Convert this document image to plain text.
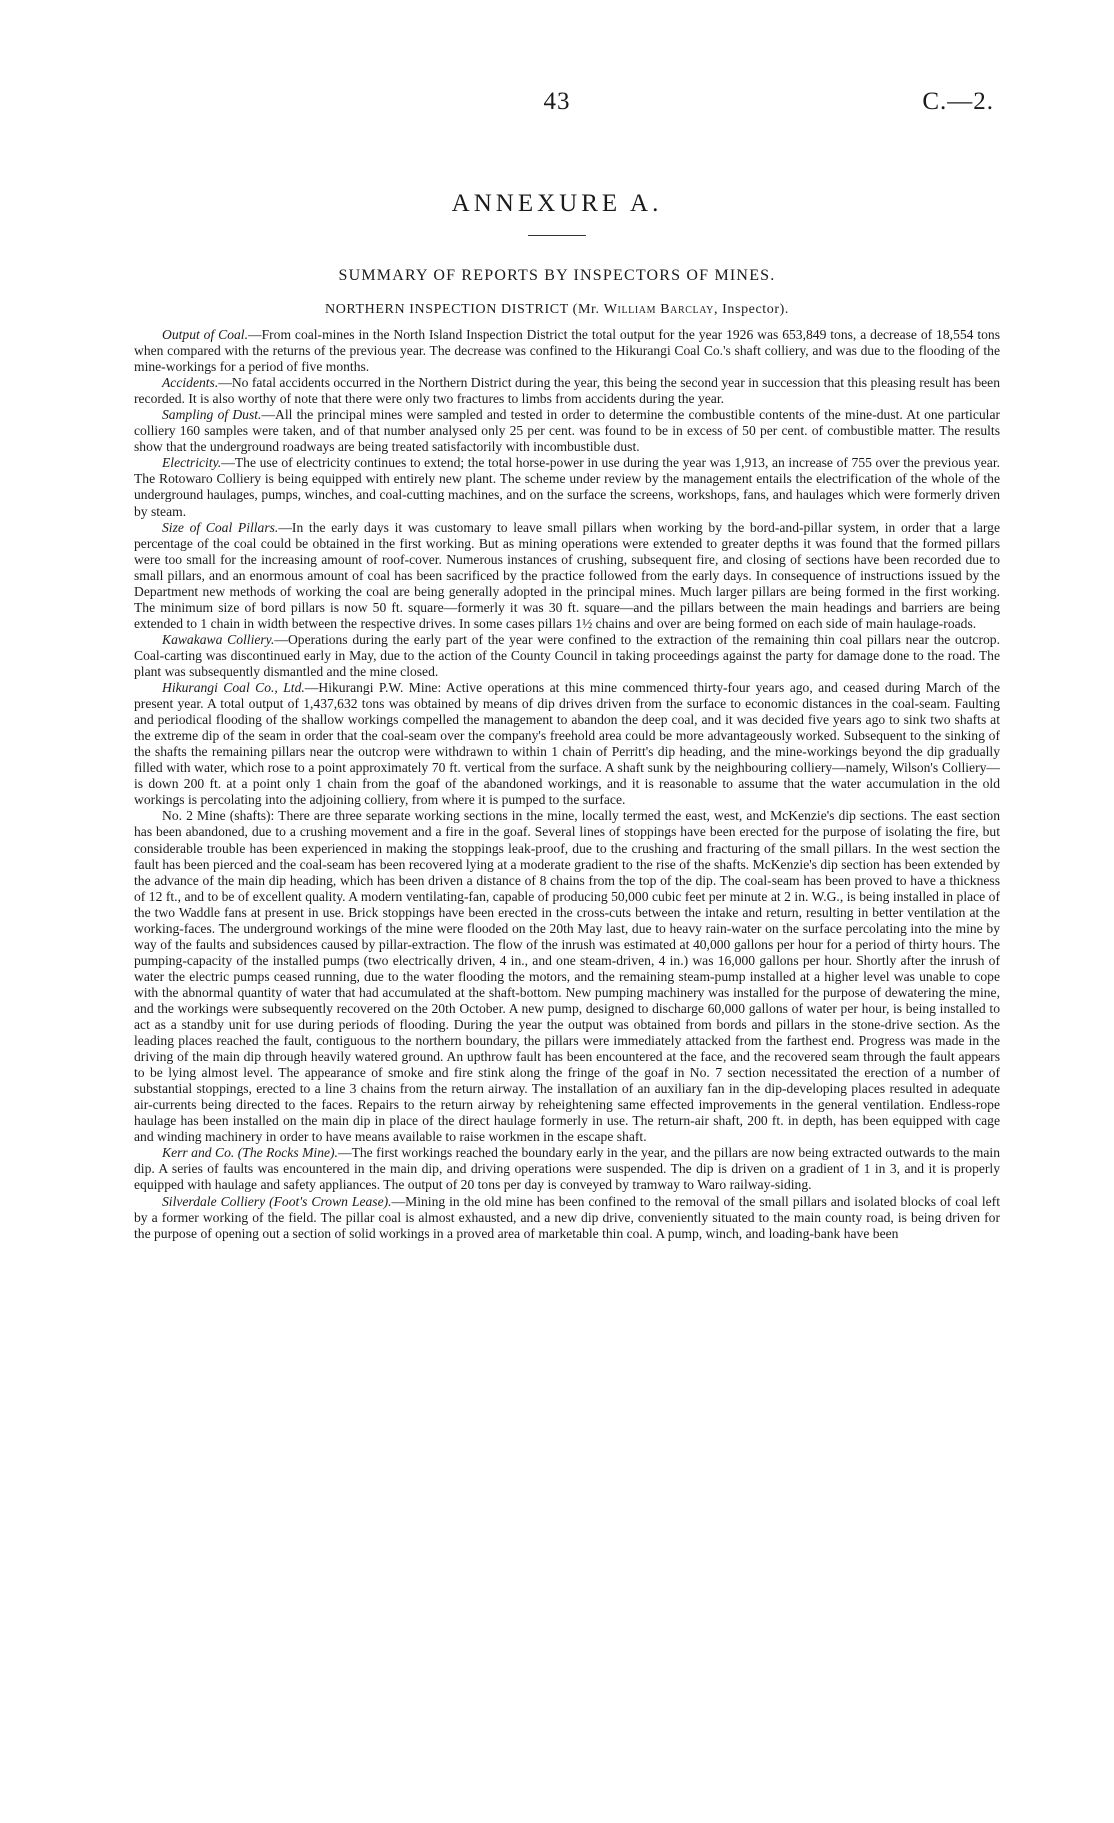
43	C.—2.
ANNEXURE A.
SUMMARY OF REPORTS BY INSPECTORS OF MINES.
NORTHERN INSPECTION DISTRICT (Mr. William Barclay, Inspector).

Output of Coal.—From coal-mines in the North Island Inspection District the total output for the year 1926 was 653,849 tons, a decrease of 18,554 tons when compared with the returns of the previous year. The decrease was confined to the Hikurangi Coal Co.'s shaft colliery, and was due to the flooding of the mine-workings for a period of five months.

Accidents.—No fatal accidents occurred in the Northern District during the year, this being the second year in succession that this pleasing result has been recorded. It is also worthy of note that there were only two fractures to limbs from accidents during the year.

Sampling of Dust.—All the principal mines were sampled and tested in order to determine the combustible contents of the mine-dust. At one particular colliery 160 samples were taken, and of that number analysed only 25 per cent. was found to be in excess of 50 per cent. of combustible matter. The results show that the underground roadways are being treated satisfactorily with incombustible dust.

Electricity.—The use of electricity continues to extend; the total horse-power in use during the year was 1,913, an increase of 755 over the previous year. The Rotowaro Colliery is being equipped with entirely new plant. The scheme under review by the management entails the electrification of the whole of the underground haulages, pumps, winches, and coal-cutting machines, and on the surface the screens, workshops, fans, and haulages which were formerly driven by steam.

Size of Coal Pillars.—In the early days it was customary to leave small pillars when working by the bord-and-pillar system, in order that a large percentage of the coal could be obtained in the first working. But as mining operations were extended to greater depths it was found that the formed pillars were too small for the increasing amount of roof-cover. Numerous instances of crushing, subsequent fire, and closing of sections have been recorded due to small pillars, and an enormous amount of coal has been sacrificed by the practice followed from the early days. In consequence of instructions issued by the Department new methods of working the coal are being generally adopted in the principal mines. Much larger pillars are being formed in the first working. The minimum size of bord pillars is now 50 ft. square—formerly it was 30 ft. square—and the pillars between the main headings and barriers are being extended to 1 chain in width between the respective drives. In some cases pillars 1½ chains and over are being formed on each side of main haulage-roads.

Kawakawa Colliery.—Operations during the early part of the year were confined to the extraction of the remaining thin coal pillars near the outcrop. Coal-carting was discontinued early in May, due to the action of the County Council in taking proceedings against the party for damage done to the road. The plant was subsequently dismantled and the mine closed.

Hikurangi Coal Co., Ltd.—Hikurangi P.W. Mine: Active operations at this mine commenced thirty-four years ago, and ceased during March of the present year. A total output of 1,437,632 tons was obtained by means of dip drives driven from the surface to economic distances in the coal-seam. Faulting and periodical flooding of the shallow workings compelled the management to abandon the deep coal, and it was decided five years ago to sink two shafts at the extreme dip of the seam in order that the coal-seam over the company's freehold area could be more advantageously worked. Subsequent to the sinking of the shafts the remaining pillars near the outcrop were withdrawn to within 1 chain of Perritt's dip heading, and the mine-workings beyond the dip gradually filled with water, which rose to a point approximately 70 ft. vertical from the surface. A shaft sunk by the neighbouring colliery—namely, Wilson's Colliery—is down 200 ft. at a point only 1 chain from the goaf of the abandoned workings, and it is reasonable to assume that the water accumulation in the old workings is percolating into the adjoining colliery, from where it is pumped to the surface.

No. 2 Mine (shafts): There are three separate working sections in the mine, locally termed the east, west, and McKenzie's dip sections. The east section has been abandoned, due to a crushing movement and a fire in the goaf. Several lines of stoppings have been erected for the purpose of isolating the fire, but considerable trouble has been experienced in making the stoppings leak-proof, due to the crushing and fracturing of the small pillars. In the west section the fault has been pierced and the coal-seam has been recovered lying at a moderate gradient to the rise of the shafts. McKenzie's dip section has been extended by the advance of the main dip heading, which has been driven a distance of 8 chains from the top of the dip. The coal-seam has been proved to have a thickness of 12 ft., and to be of excellent quality. A modern ventilating-fan, capable of producing 50,000 cubic feet per minute at 2 in. W.G., is being installed in place of the two Waddle fans at present in use. Brick stoppings have been erected in the cross-cuts between the intake and return, resulting in better ventilation at the working-faces. The underground workings of the mine were flooded on the 20th May last, due to heavy rain-water on the surface percolating into the mine by way of the faults and subsidences caused by pillar-extraction. The flow of the inrush was estimated at 40,000 gallons per hour for a period of thirty hours. The pumping-capacity of the installed pumps (two electrically driven, 4 in., and one steam-driven, 4 in.) was 16,000 gallons per hour. Shortly after the inrush of water the electric pumps ceased running, due to the water flooding the motors, and the remaining steam-pump installed at a higher level was unable to cope with the abnormal quantity of water that had accumulated at the shaft-bottom. New pumping machinery was installed for the purpose of dewatering the mine, and the workings were subsequently recovered on the 20th October. A new pump, designed to discharge 60,000 gallons of water per hour, is being installed to act as a standby unit for use during periods of flooding. During the year the output was obtained from bords and pillars in the stone-drive section. As the leading places reached the fault, contiguous to the northern boundary, the pillars were immediately attacked from the farthest end. Progress was made in the driving of the main dip through heavily watered ground. An upthrow fault has been encountered at the face, and the recovered seam through the fault appears to be lying almost level. The appearance of smoke and fire stink along the fringe of the goaf in No. 7 section necessitated the erection of a number of substantial stoppings, erected to a line 3 chains from the return airway. The installation of an auxiliary fan in the dip-developing places resulted in adequate air-currents being directed to the faces. Repairs to the return airway by reheightening same effected improvements in the general ventilation. Endless-rope haulage has been installed on the main dip in place of the direct haulage formerly in use. The return-air shaft, 200 ft. in depth, has been equipped with cage and winding machinery in order to have means available to raise workmen in the escape shaft.

Kerr and Co. (The Rocks Mine).—The first workings reached the boundary early in the year, and the pillars are now being extracted outwards to the main dip. A series of faults was encountered in the main dip, and driving operations were suspended. The dip is driven on a gradient of 1 in 3, and it is properly equipped with haulage and safety appliances. The output of 20 tons per day is conveyed by tramway to Waro railway-siding.

Silverdale Colliery (Foot's Crown Lease).—Mining in the old mine has been confined to the removal of the small pillars and isolated blocks of coal left by a former working of the field. The pillar coal is almost exhausted, and a new dip drive, conveniently situated to the main county road, is being driven for the purpose of opening out a section of solid workings in a proved area of marketable thin coal. A pump, winch, and loading-bank have been
